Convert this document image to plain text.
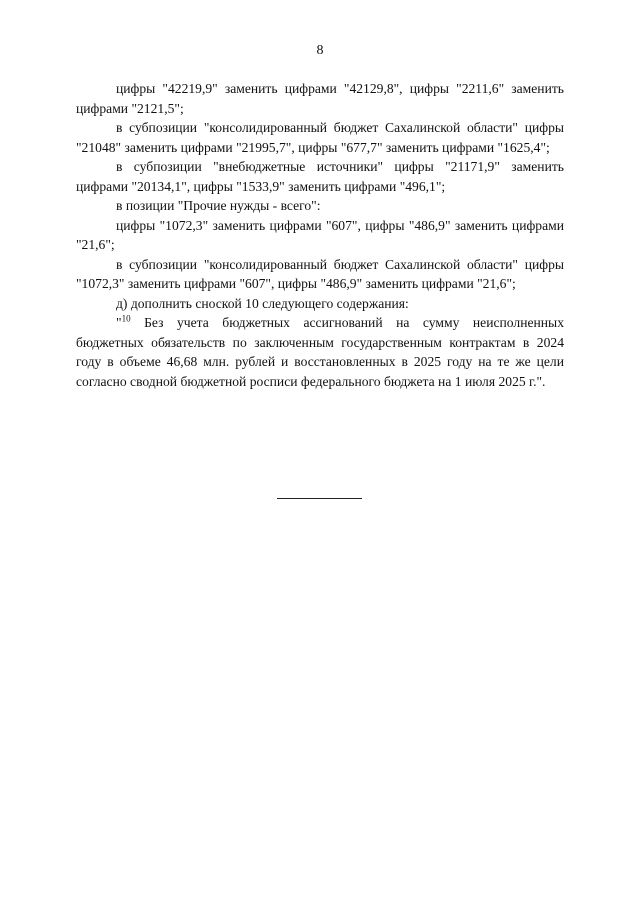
8

цифры "42219,9" заменить цифрами "42129,8", цифры "2211,6" заменить цифрами "2121,5";

в субпозиции "консолидированный бюджет Сахалинской области" цифры "21048" заменить цифрами "21995,7", цифры "677,7" заменить цифрами "1625,4";

в субпозиции "внебюджетные источники" цифры "21171,9" заменить цифрами "20134,1", цифры "1533,9" заменить цифрами "496,1";

в позиции "Прочие нужды - всего":

цифры "1072,3" заменить цифрами "607", цифры "486,9" заменить цифрами "21,6";

в субпозиции "консолидированный бюджет Сахалинской области" цифры "1072,3" заменить цифрами "607", цифры "486,9" заменить цифрами "21,6";

д) дополнить сноской 10 следующего содержания:

"$^{10}$ Без учета бюджетных ассигнований на сумму неисполненных бюджетных обязательств по заключенным государственным контрактам в 2024 году в объеме 46,68 млн. рублей и восстановленных в 2025 году на те же цели согласно сводной бюджетной росписи федерального бюджета на 1 июля 2025 г.".
